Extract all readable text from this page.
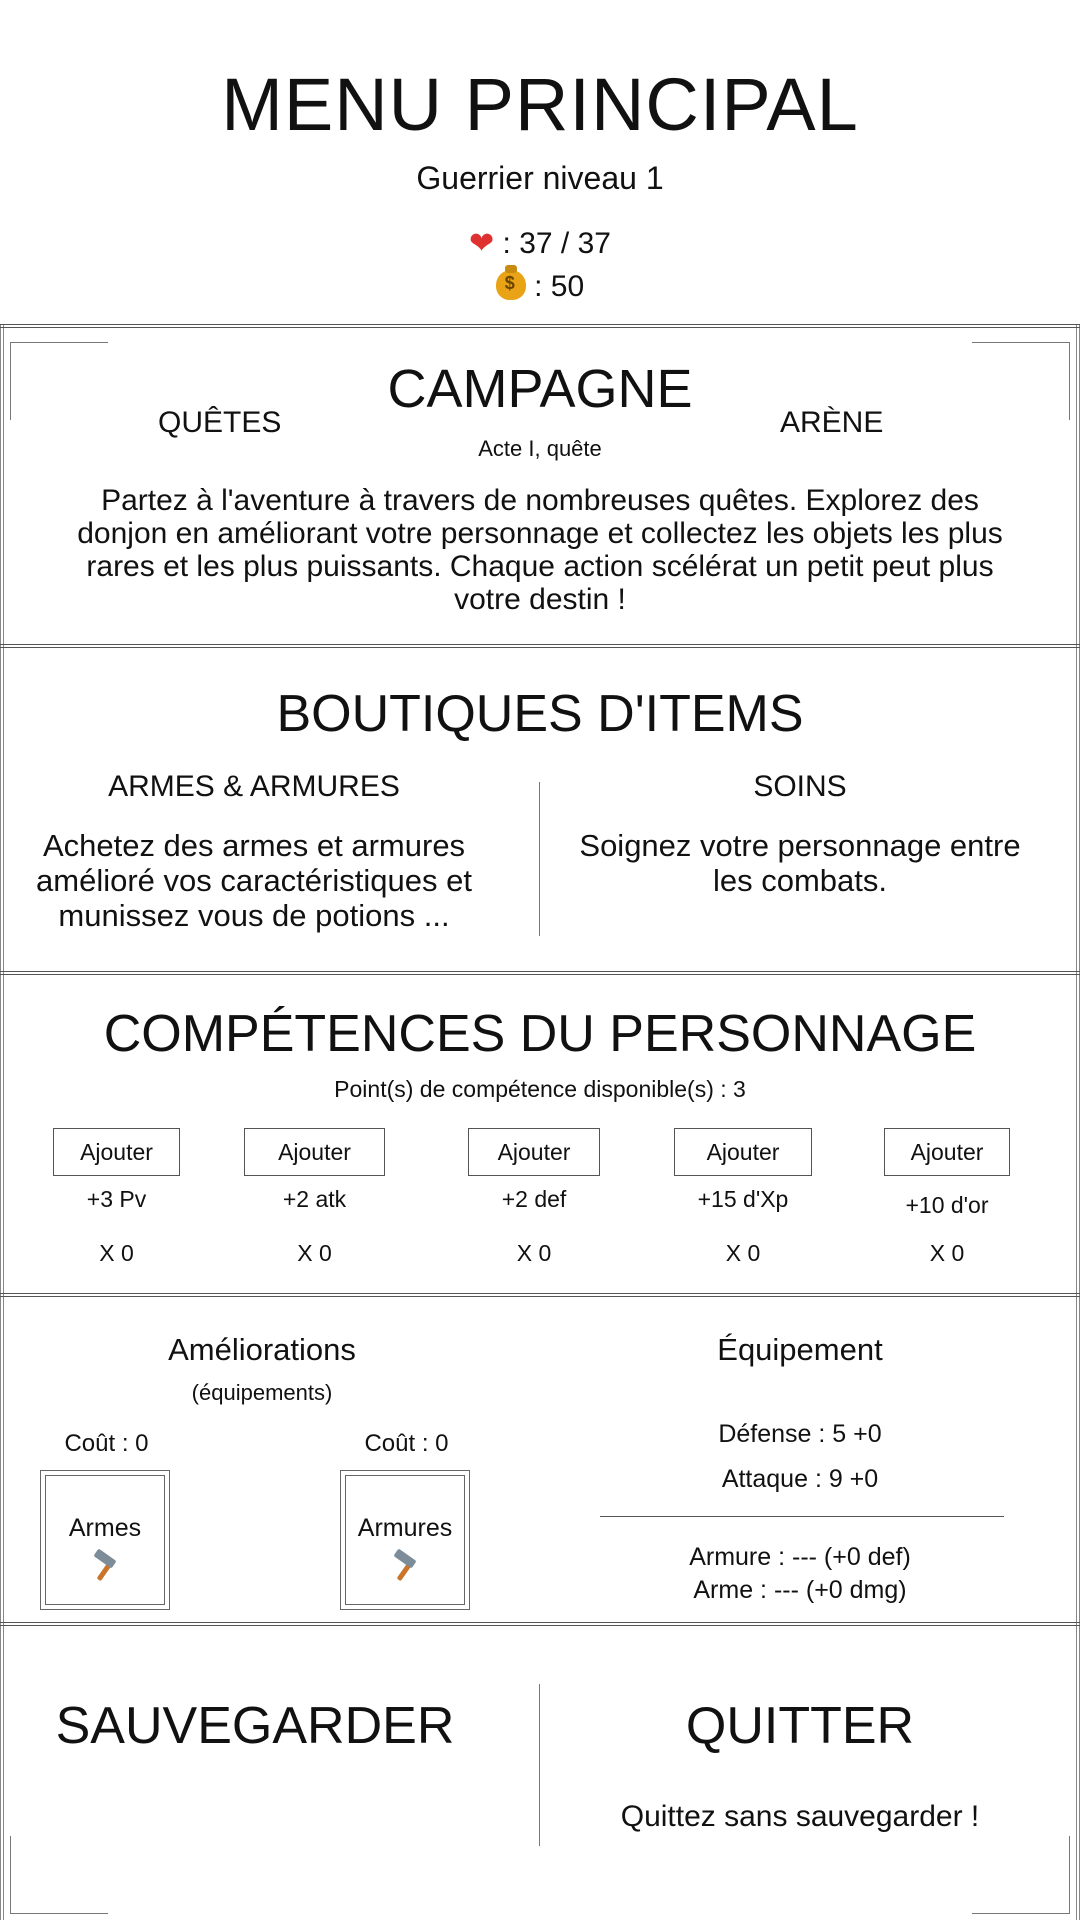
MENU PRINCIPAL
Guerrier niveau 1
❤ : 37 / 37
$ : 50
CAMPAGNE
Acte I, quête
QUÊTES	ARÈNE
Partez à l'aventure à travers de nombreuses quêtes. Explorez des donjon en améliorant votre personnage et collectez les objets les plus rares et les plus puissants. Chaque action scélérat un petit peut plus votre destin !
BOUTIQUES D'ITEMS
ARMES & ARMURES
Achetez des armes et armures amélioré vos caractéristiques et munissez vous de potions ...
SOINS
Soignez votre personnage entre les combats.
COMPÉTENCES DU PERSONNAGE
Point(s) de compétence disponible(s) : 3
Ajouter
+3 Pv
X 0
Ajouter
+2 atk
X 0
Ajouter
+2 def
X 0
Ajouter
+15 d'Xp
X 0
Ajouter
+10 d'or
X 0
Améliorations
(équipements)
Coût : 0
Armes
Coût : 0
Armures
Équipement
Défense : 5 +0
Attaque : 9 +0
Armure : --- (+0 def)
Arme : --- (+0 dmg)
SAUVEGARDER	QUITTER
Quittez sans sauvegarder !
